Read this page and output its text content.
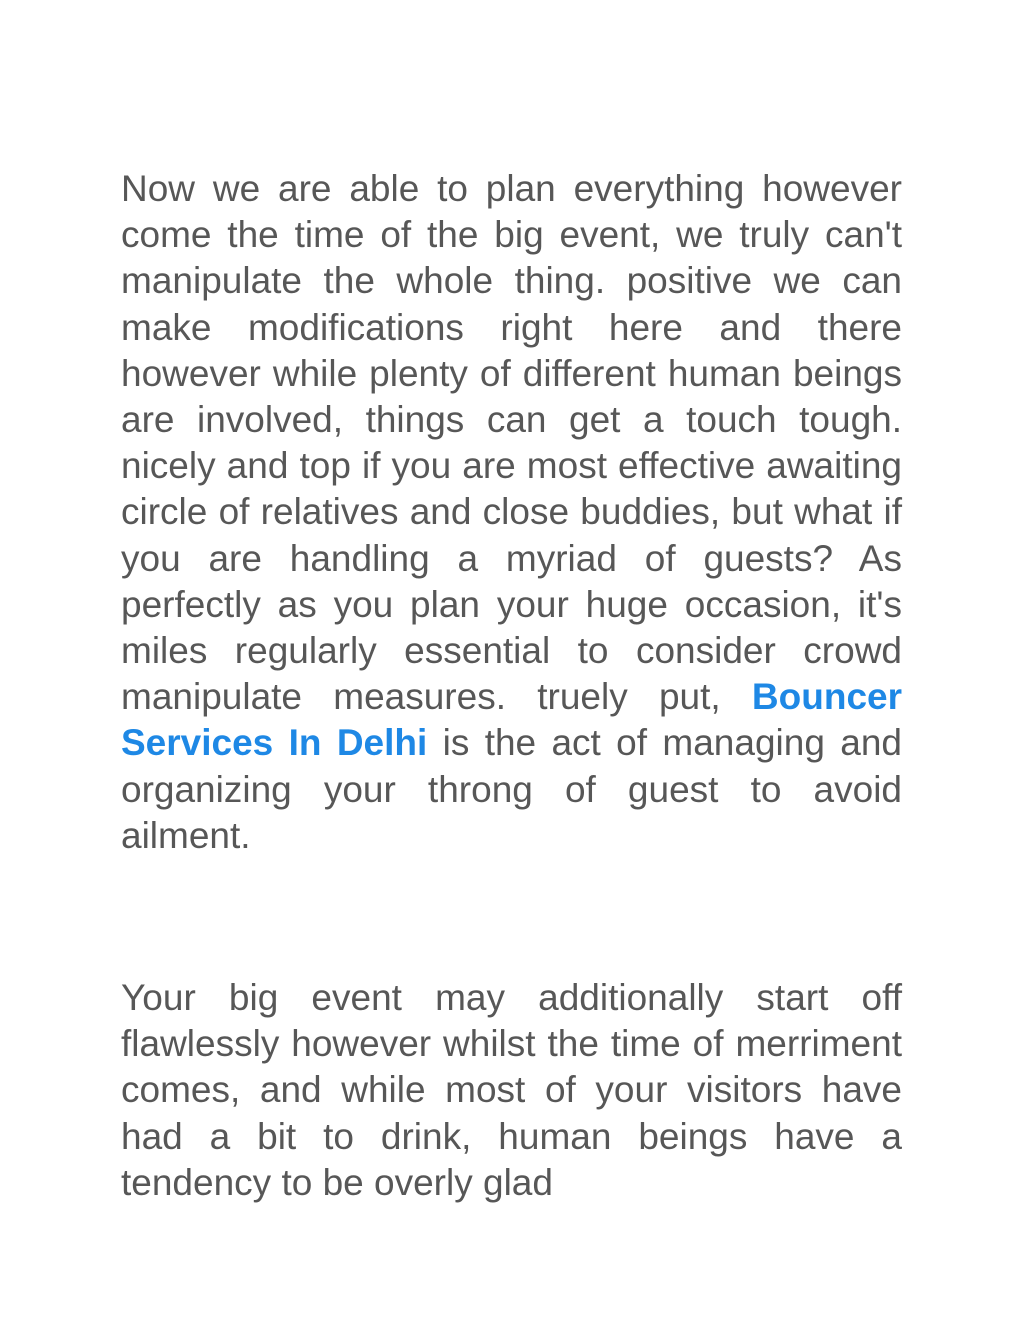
Now we are able to plan everything however come the time of the big event, we truly can't manipulate the whole thing. positive we can make modifications right here and there however while plenty of different human beings are involved, things can get a touch tough. nicely and top if you are most effective awaiting circle of relatives and close buddies, but what if you are handling a myriad of guests? As perfectly as you plan your huge occasion, it's miles regularly essential to consider crowd manipulate measures. truely put, Bouncer Services In Delhi is the act of managing and organizing your throng of guest to avoid ailment.

Your big event may additionally start off flawlessly however whilst the time of merriment comes, and while most of your visitors have had a bit to drink, human beings have a tendency to be overly glad
